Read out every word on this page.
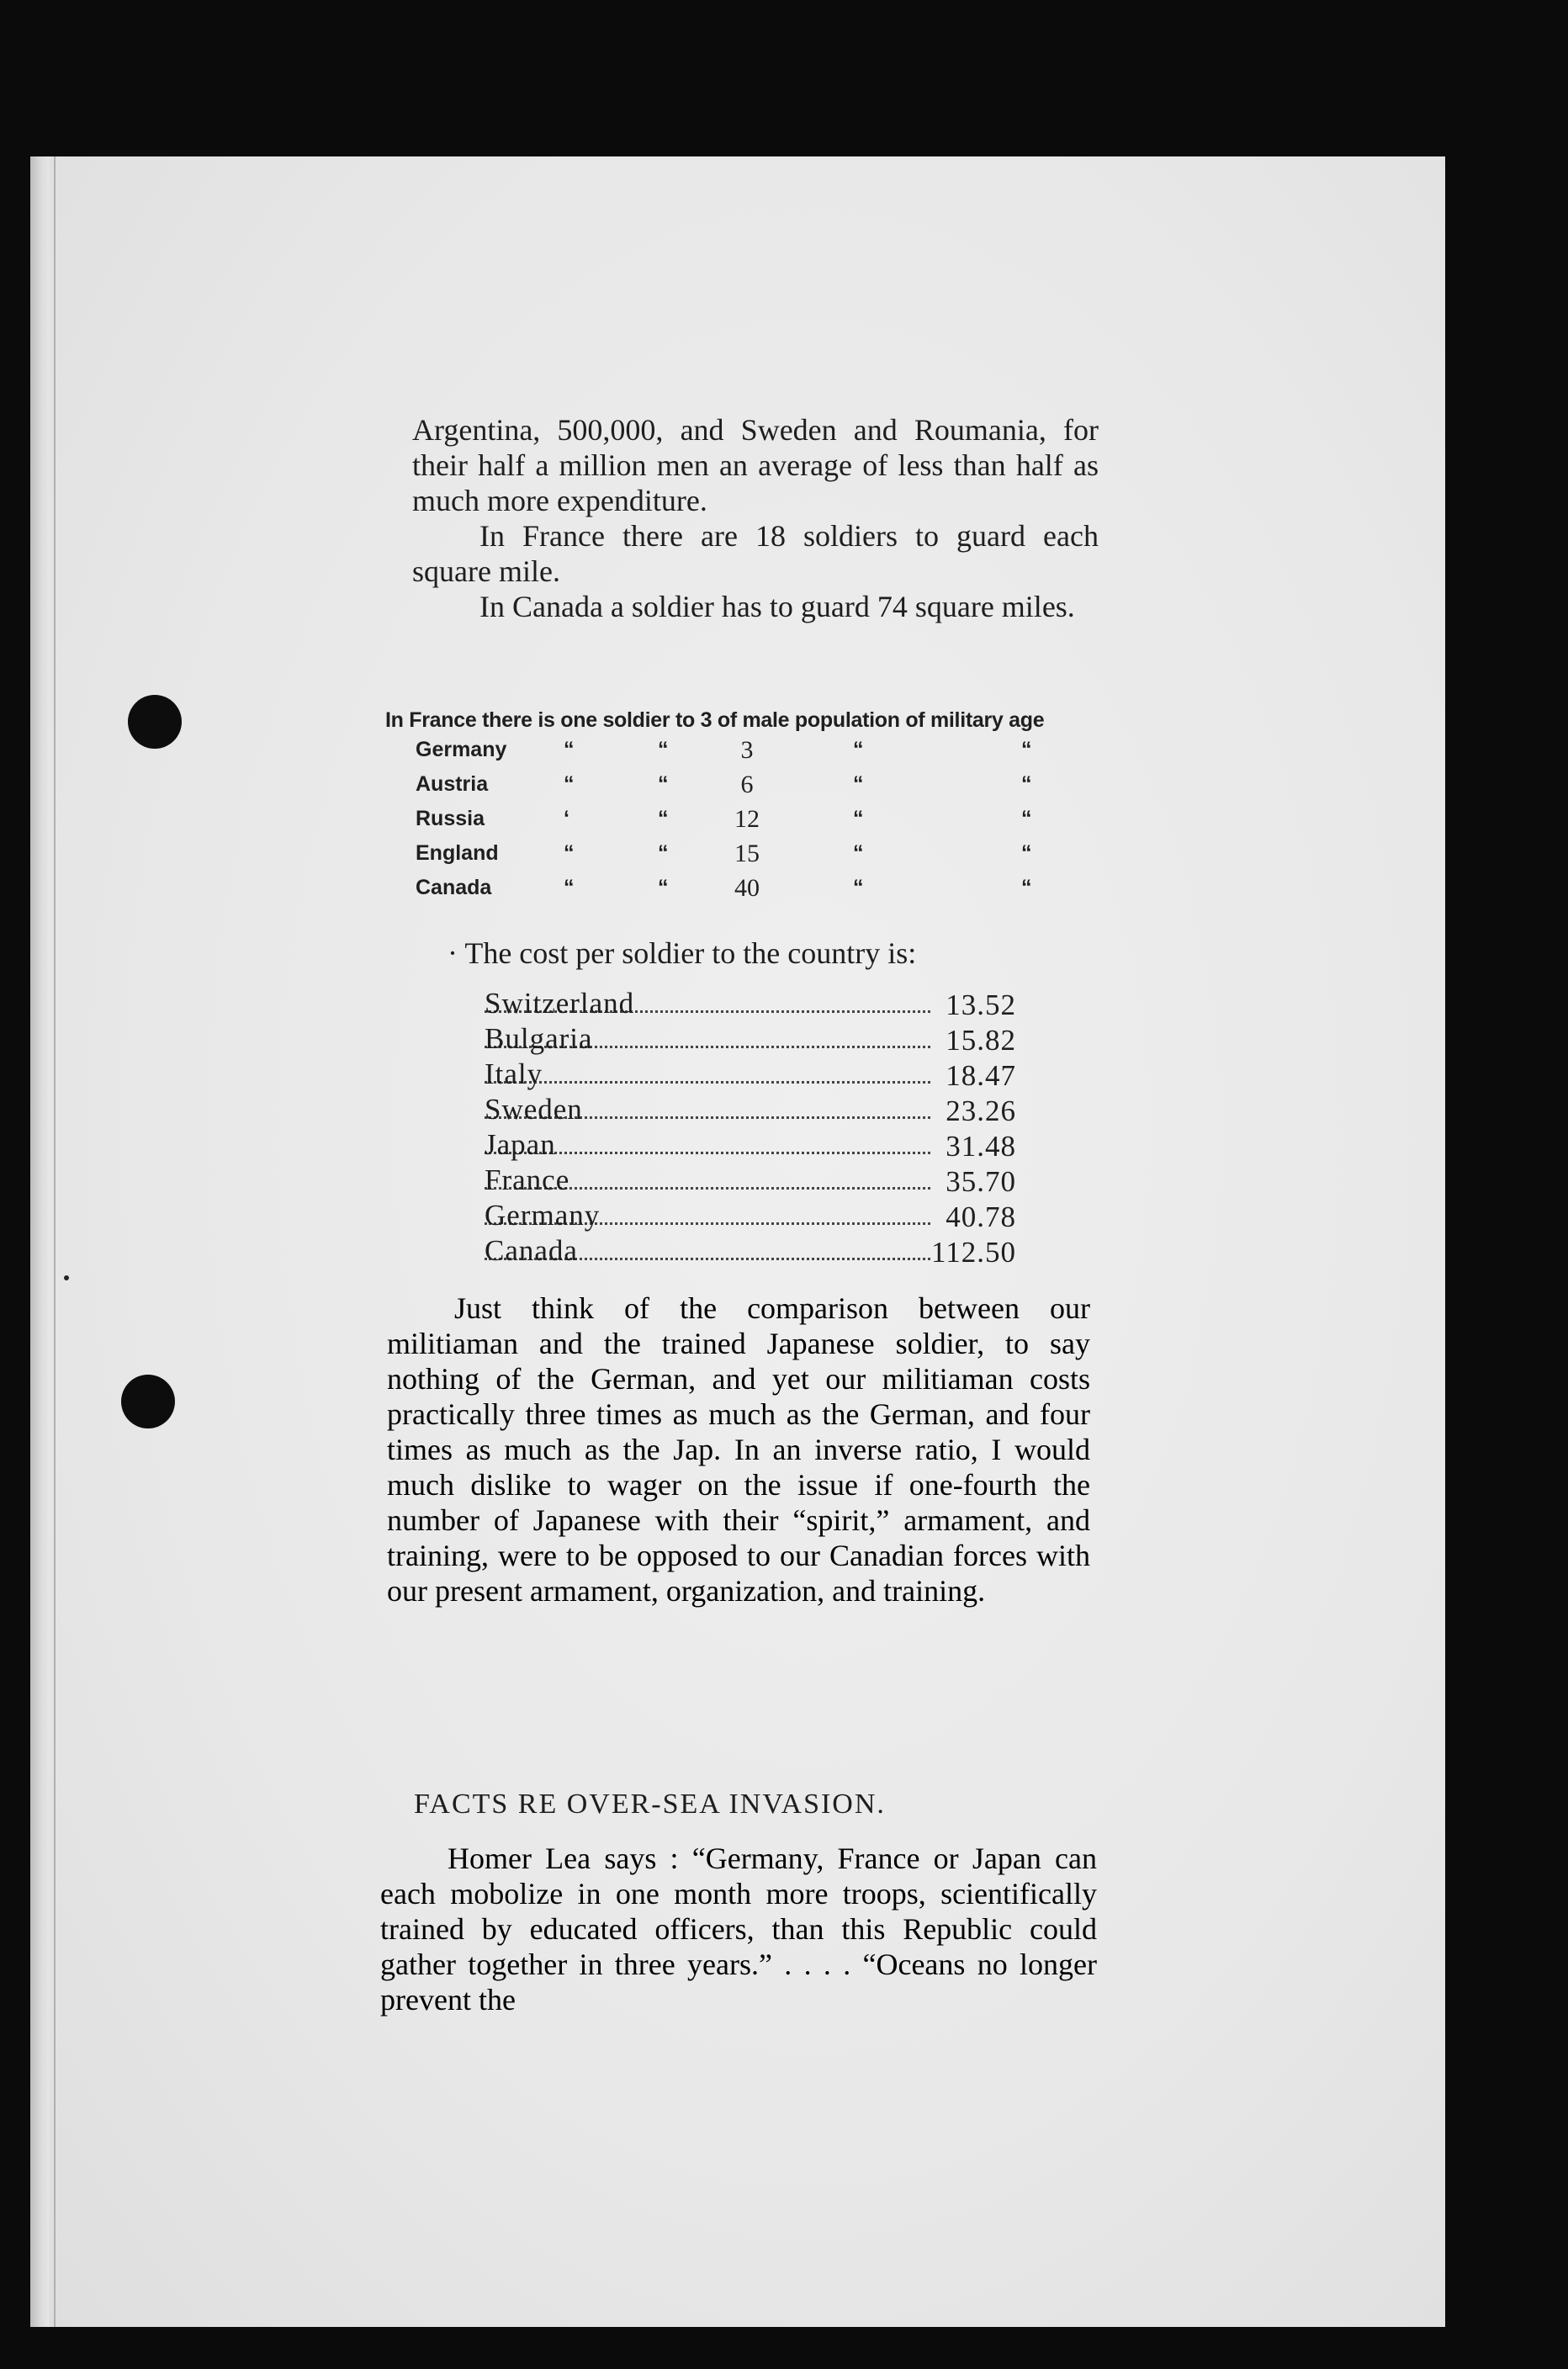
Argentina, 500,000, and Sweden and Roumania, for their half a million men an average of less than half as much more expenditure.

In France there are 18 soldiers to guard each square mile.

In Canada a soldier has to guard 74 square miles.

In France there is one soldier to 3 of male population of military age
Germany	“	“	3	“	“
Austria	“	“	6	“	“
Russia	‘	“	12	“	“
England	“	“	15	“	“
Canada	“	“	40	“	“
· The cost per soldier to the country is:
Switzerland	13.52
Bulgaria	15.82
Italy	18.47
Sweden	23.26
Japan	31.48
France	35.70
Germany	40.78
Canada	112.50

Just think of the comparison between our militiaman and the trained Japanese soldier, to say nothing of the German, and yet our militiaman costs practically three times as much as the German, and four times as much as the Jap. In an inverse ratio, I would much dislike to wager on the issue if one-fourth the number of Japanese with their “spirit,” armament, and training, were to be opposed to our Canadian forces with our present armament, organization, and training.

FACTS RE OVER-SEA INVASION.

Homer Lea says : “Germany, France or Japan can each mobolize in one month more troops, scientifically trained by educated officers, than this Republic could gather together in three years.” . . . . “Oceans no longer prevent the
